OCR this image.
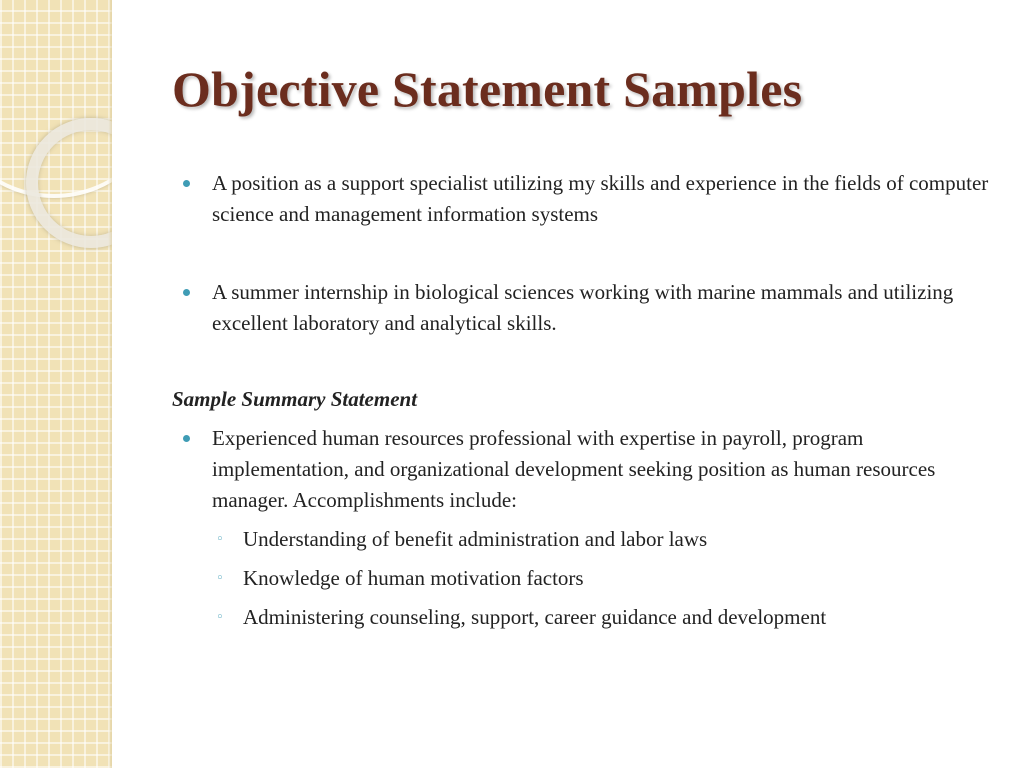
Objective Statement Samples
A position as a support specialist utilizing my skills and experience in the fields of computer science and management information systems
A summer internship in biological sciences working with marine mammals and utilizing excellent laboratory and analytical skills.

Sample Summary Statement

Experienced human resources professional with expertise in payroll, program implementation, and organizational development seeking position as human resources manager. Accomplishments include:
◦ Understanding of benefit administration and labor laws
◦ Knowledge of human motivation factors
◦ Administering counseling, support, career guidance and development
